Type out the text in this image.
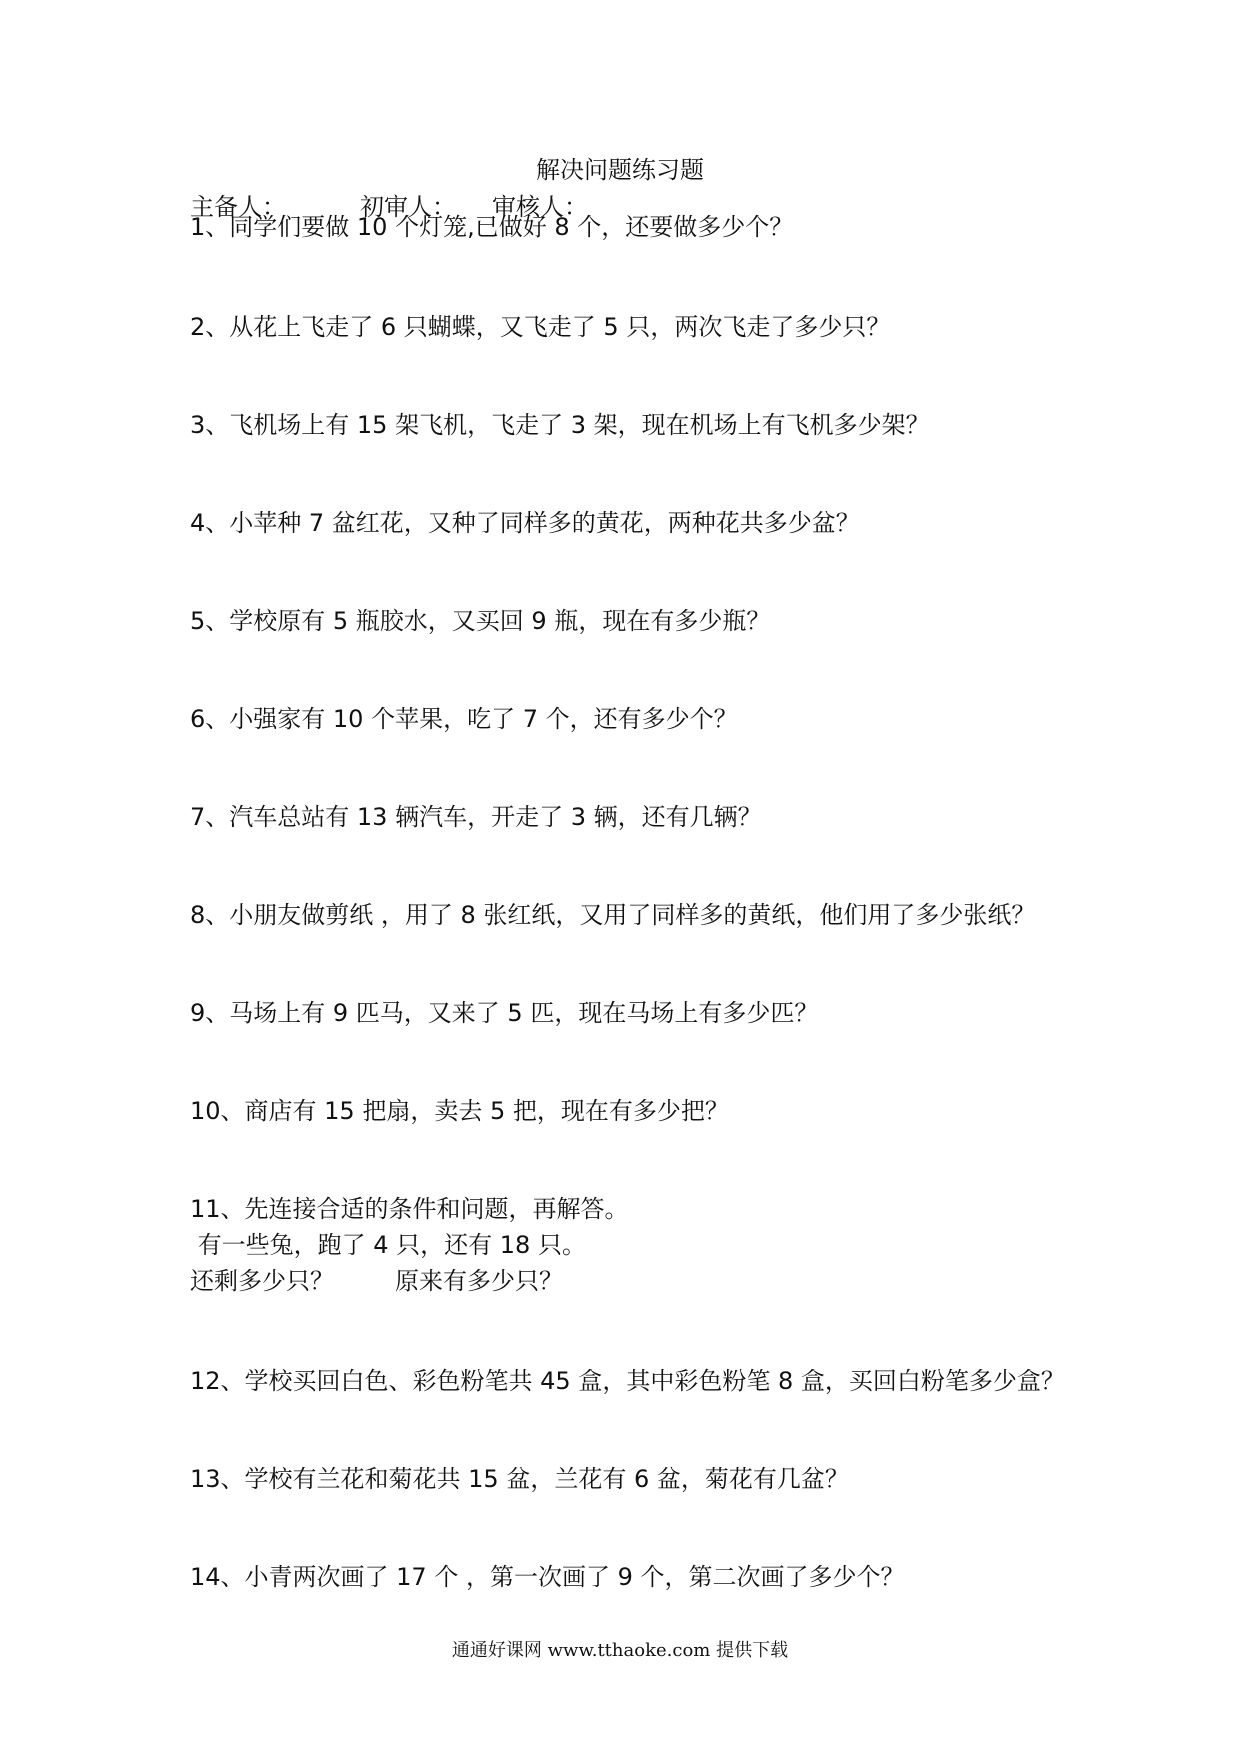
解决问题练习题
主备人：	初审人： 审核人：
1、同学们要做 10 个灯笼,已做好 8 个，还要做多少个？
2、从花上飞走了 6 只蝴蝶，又飞走了 5 只，两次飞走了多少只？
3、飞机场上有 15 架飞机，飞走了 3 架，现在机场上有飞机多少架？
4、小苹种 7 盆红花，又种了同样多的黄花，两种花共多少盆？
5、学校原有 5 瓶胶水，又买回 9 瓶，现在有多少瓶？
6、小强家有 10 个苹果，吃了 7 个，还有多少个？
7、汽车总站有 13 辆汽车，开走了 3 辆，还有几辆？
8、小朋友做剪纸 ，用了 8 张红纸，又用了同样多的黄纸，他们用了多少张纸？
9、马场上有 9 匹马，又来了 5 匹，现在马场上有多少匹？
10、商店有 15 把扇，卖去 5 把，现在有多少把？
11、先连接合适的条件和问题，再解答。
有一些兔，跑了 4 只，还有 18 只。
还剩多少只？        原来有多少只？
12、学校买回白色、彩色粉笔共 45 盒，其中彩色粉笔 8 盒，买回白粉笔多少盒？
13、学校有兰花和菊花共 15 盆，兰花有 6 盆，菊花有几盆？
14、小青两次画了 17 个 ，第一次画了 9 个，第二次画了多少个？
通通好课网 www.tthaoke.com 提供下载
